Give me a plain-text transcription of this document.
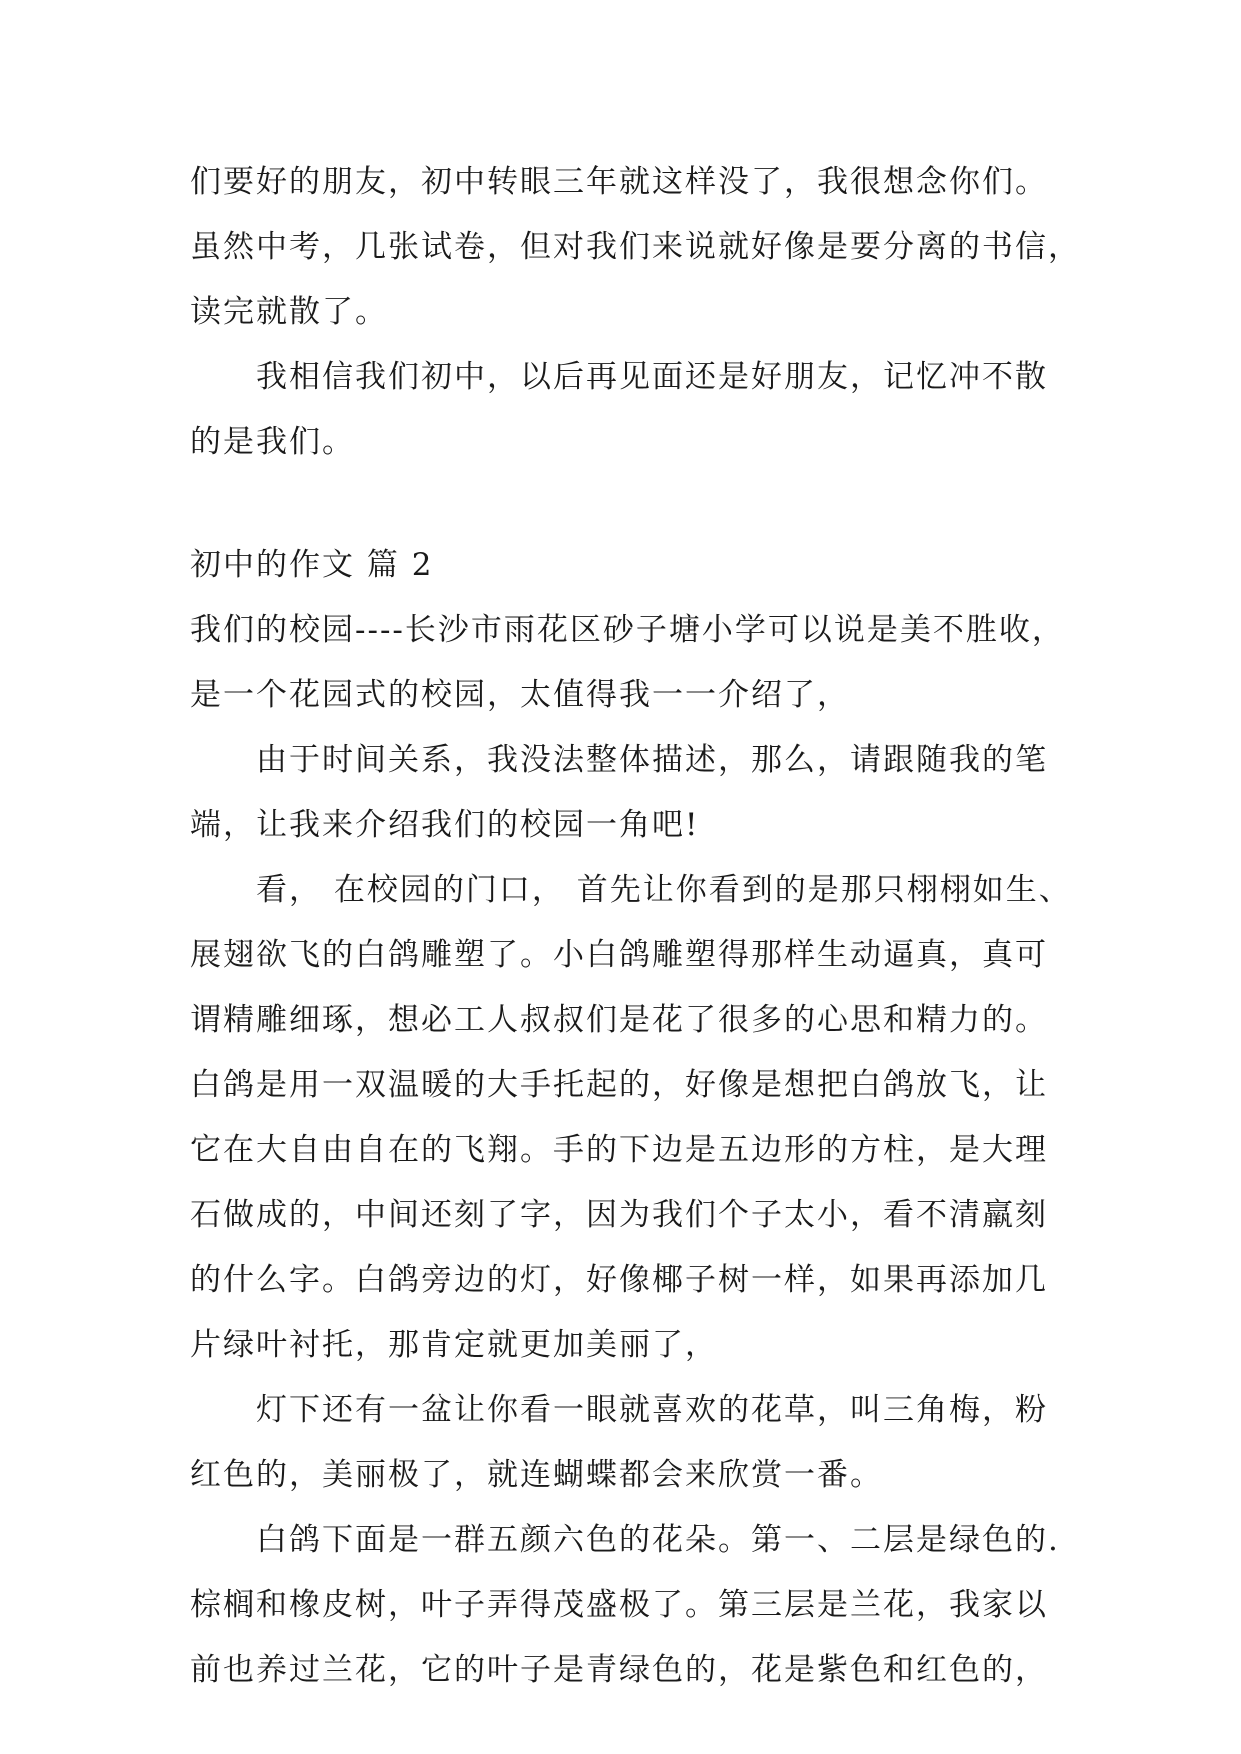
们要好的朋友，初中转眼三年就这样没了，我很想念你们。
虽然中考，几张试卷，但对我们来说就好像是要分离的书信，
读完就散了。
我相信我们初中，以后再见面还是好朋友，记忆冲不散
的是我们。
初中的作文 篇 2
我们的校园----长沙市雨花区砂子塘小学可以说是美不胜收，
是一个花园式的校园，太值得我一一介绍了，
由于时间关系，我没法整体描述，那么，请跟随我的笔
端，让我来介绍我们的校园一角吧!
看， 在校园的门口， 首先让你看到的是那只栩栩如生、
展翅欲飞的白鸽雕塑了。小白鸽雕塑得那样生动逼真，真可
谓精雕细琢，想必工人叔叔们是花了很多的心思和精力的。
白鸽是用一双温暖的大手托起的，好像是想把白鸽放飞，让
它在大自由自在的飞翔。手的下边是五边形的方柱，是大理
石做成的，中间还刻了字，因为我们个子太小，看不清羸刻
的什么字。白鸽旁边的灯，好像椰子树一样，如果再添加几
片绿叶衬托，那肯定就更加美丽了，
灯下还有一盆让你看一眼就喜欢的花草，叫三角梅，粉
红色的，美丽极了，就连蝴蝶都会来欣赏一番。
白鸽下面是一群五颜六色的花朵。第一、二层是绿色的.
棕榈和橡皮树，叶子弄得茂盛极了。第三层是兰花，我家以
前也养过兰花，它的叶子是青绿色的，花是紫色和红色的，
